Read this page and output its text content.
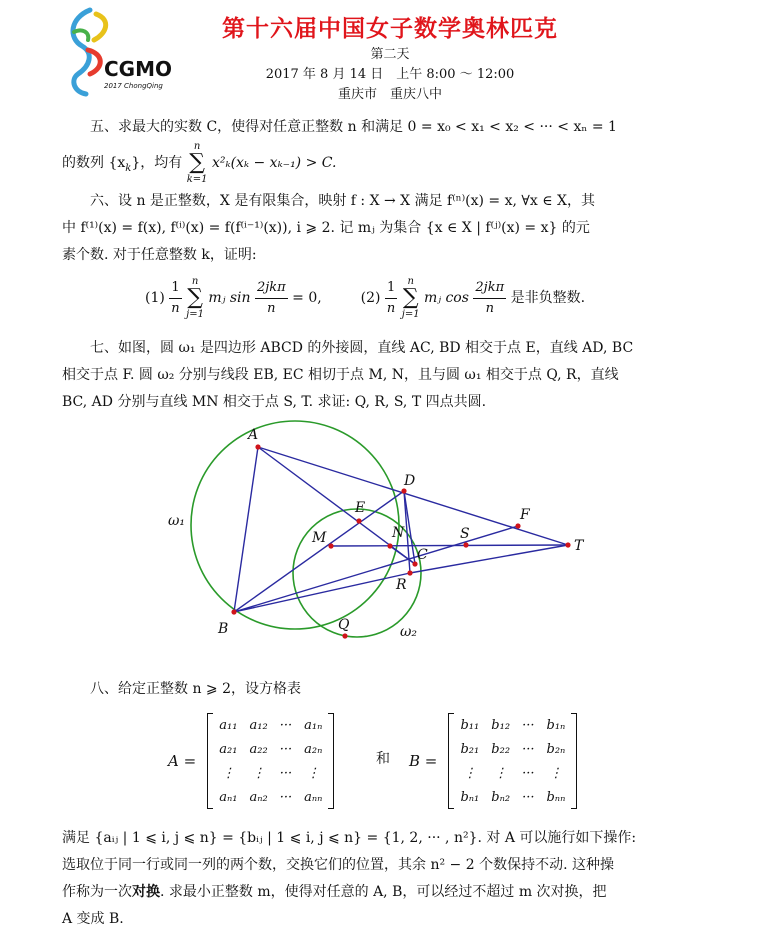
CGMO
2017 ChongQing
第十六届中国女子数学奥林匹克
第二天
2017 年 8 月 14 日　上午 8:00 ～ 12:00
重庆市　重庆八中

五、求最大的实数 C，使得对任意正整数 n 和满足 0 = x₀ < x₁ < x₂ < ··· < xₙ = 1

的数列 $\{x_k\}$，均有
n
∑
k=1
x²ₖ(xₖ − xₖ₋₁) > C.

六、设 n 是正整数，X 是有限集合，映射 f : X → X 满足 f⁽ⁿ⁾(x) = x, ∀x ∈ X，其

中 f⁽¹⁾(x) = f(x), f⁽ⁱ⁾(x) = f(f⁽ⁱ⁻¹⁾(x)), i ⩾ 2. 记 mⱼ 为集合 {x ∈ X | f⁽ʲ⁾(x) = x} 的元

素个数. 对于任意整数 k，证明:

$(1) \frac{1}{n}$
	n
∑
j=1
mⱼ $\sin \frac{\text{2jkπ}}{n} = 0$,	$(2) \frac{1}{n}$
	n
∑
j=1
mⱼ $\cos \frac{\text{2jkπ}}{n}$ 是非负整数.

七、如图，圆 ω₁ 是四边形 ABCD 的外接圆，直线 AC, BD 相交于点 E，直线 AD, BC

相交于点 F. 圆 ω₂ 分别与线段 EB, EC 相切于点 M, N，且与圆 ω₁ 相交于点 Q, R，直线

BC, AD 分别与直线 MN 相交于点 S, T. 求证: Q, R, S, T 四点共圆.

A
B
C
D
E	F
M	N
Q
R
S
T
ω₁
ω₂

八、给定正整数 n ⩾ 2，设方格表

A =
a₁₁	a₁₂	···	a₁ₙ
a₂₁	a₂₂	···	a₂ₙ
⋮	⋮	···	⋮
aₙ₁	aₙ₂	···	aₙₙ
和 B =
b₁₁	b₁₂	···	b₁ₙ
b₂₁	b₂₂	···	b₂ₙ
⋮	⋮	···	⋮
bₙ₁	bₙ₂	···	bₙₙ

满足 {aᵢⱼ | 1 ⩽ i, j ⩽ n} = {bᵢⱼ | 1 ⩽ i, j ⩽ n} = {1, 2, ··· , n²}. 对 A 可以施行如下操作:

选取位于同一行或同一列的两个数，交换它们的位置，其余 n² − 2 个数保持不动. 这种操

作称为一次对换. 求最小正整数 m，使得对任意的 A, B，可以经过不超过 m 次对换，把

A 变成 B.
